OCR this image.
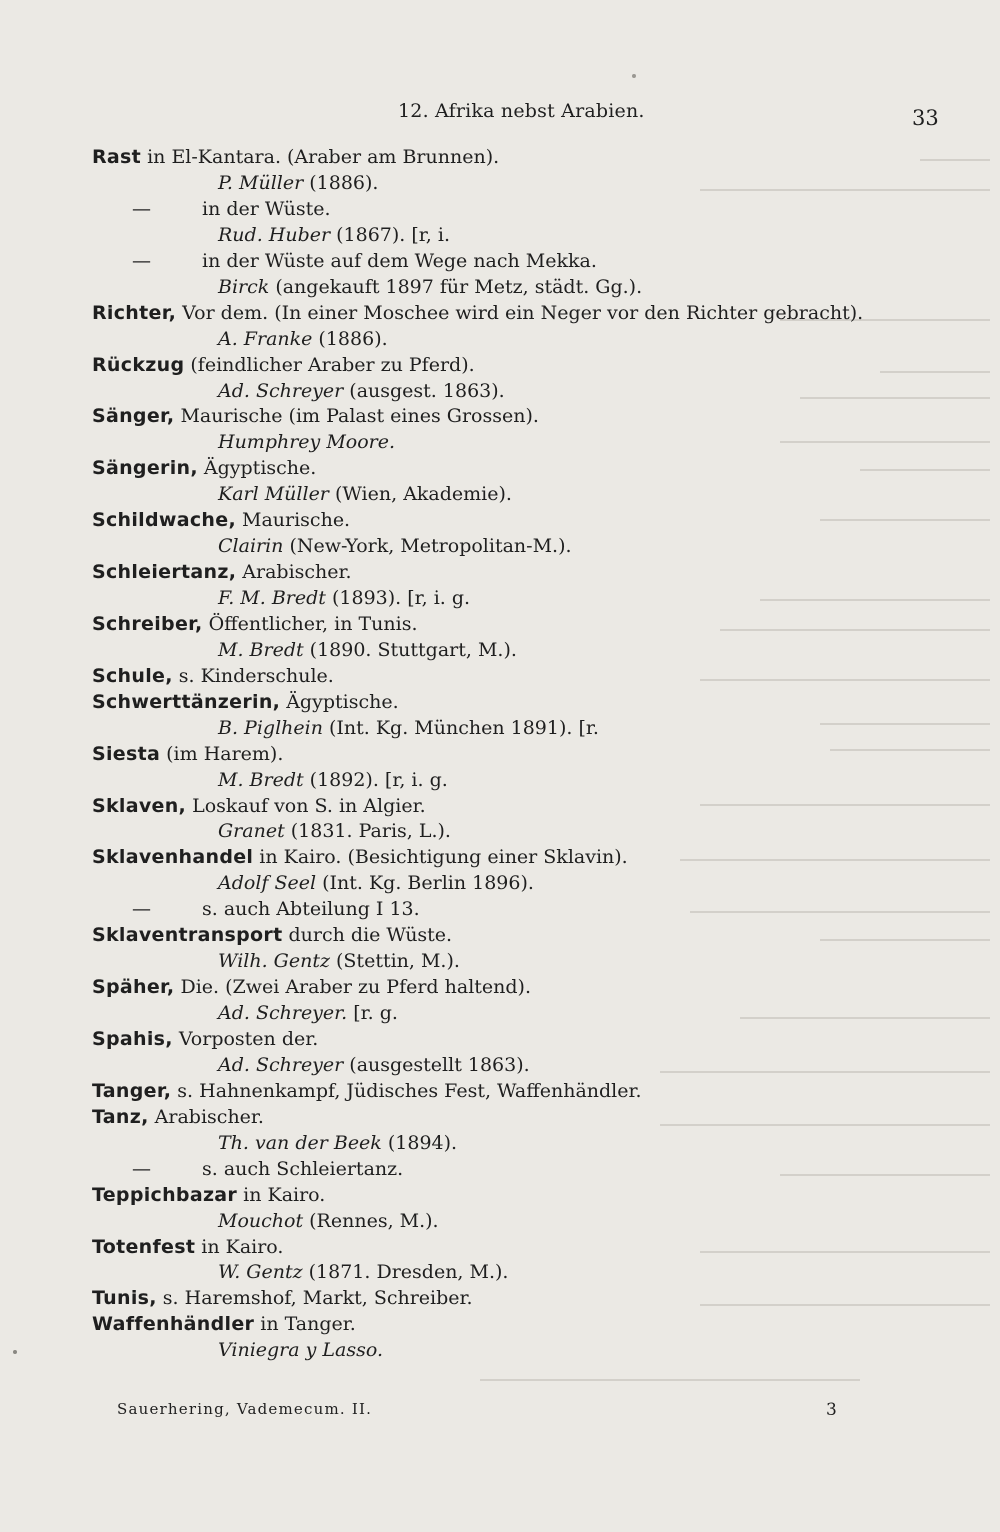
12. Afrika nebst Arabien.	33
Rast in El-Kantara. (Araber am Brunnen).
P. Müller (1886).
—	in der Wüste.
Rud. Huber (1867). [r, i.
—	in der Wüste auf dem Wege nach Mekka.
Birck (angekauft 1897 für Metz, städt. Gg.).
Richter, Vor dem. (In einer Moschee wird ein Neger vor den Richter gebracht).
A. Franke (1886).
Rückzug (feindlicher Araber zu Pferd).
Ad. Schreyer (ausgest. 1863).
Sänger, Maurische (im Palast eines Grossen).
Humphrey Moore.
Sängerin, Ägyptische.
Karl Müller (Wien, Akademie).
Schildwache, Maurische.
Clairin (New-York, Metropolitan-M.).
Schleiertanz, Arabischer.
F. M. Bredt (1893). [r, i. g.
Schreiber, Öffentlicher, in Tunis.
M. Bredt (1890. Stuttgart, M.).
Schule, s. Kinderschule.
Schwerttänzerin, Ägyptische.
B. Piglhein (Int. Kg. München 1891). [r.
Siesta (im Harem).
M. Bredt (1892). [r, i. g.
Sklaven, Loskauf von S. in Algier.
Granet (1831. Paris, L.).
Sklavenhandel in Kairo. (Besichtigung einer Sklavin).
Adolf Seel (Int. Kg. Berlin 1896).
—	s. auch Abteilung I 13.
Sklaventransport durch die Wüste.
Wilh. Gentz (Stettin, M.).
Späher, Die. (Zwei Araber zu Pferd haltend).
Ad. Schreyer. [r. g.
Spahis, Vorposten der.
Ad. Schreyer (ausgestellt 1863).
Tanger, s. Hahnenkampf, Jüdisches Fest, Waffenhändler.
Tanz, Arabischer.
Th. van der Beek (1894).
—	s. auch Schleiertanz.
Teppichbazar in Kairo.
Mouchot (Rennes, M.).
Totenfest in Kairo.
W. Gentz (1871. Dresden, M.).
Tunis, s. Haremshof, Markt, Schreiber.
Waffenhändler in Tanger.
Viniegra y Lasso.
Sauerhering, Vademecum. II.	3
